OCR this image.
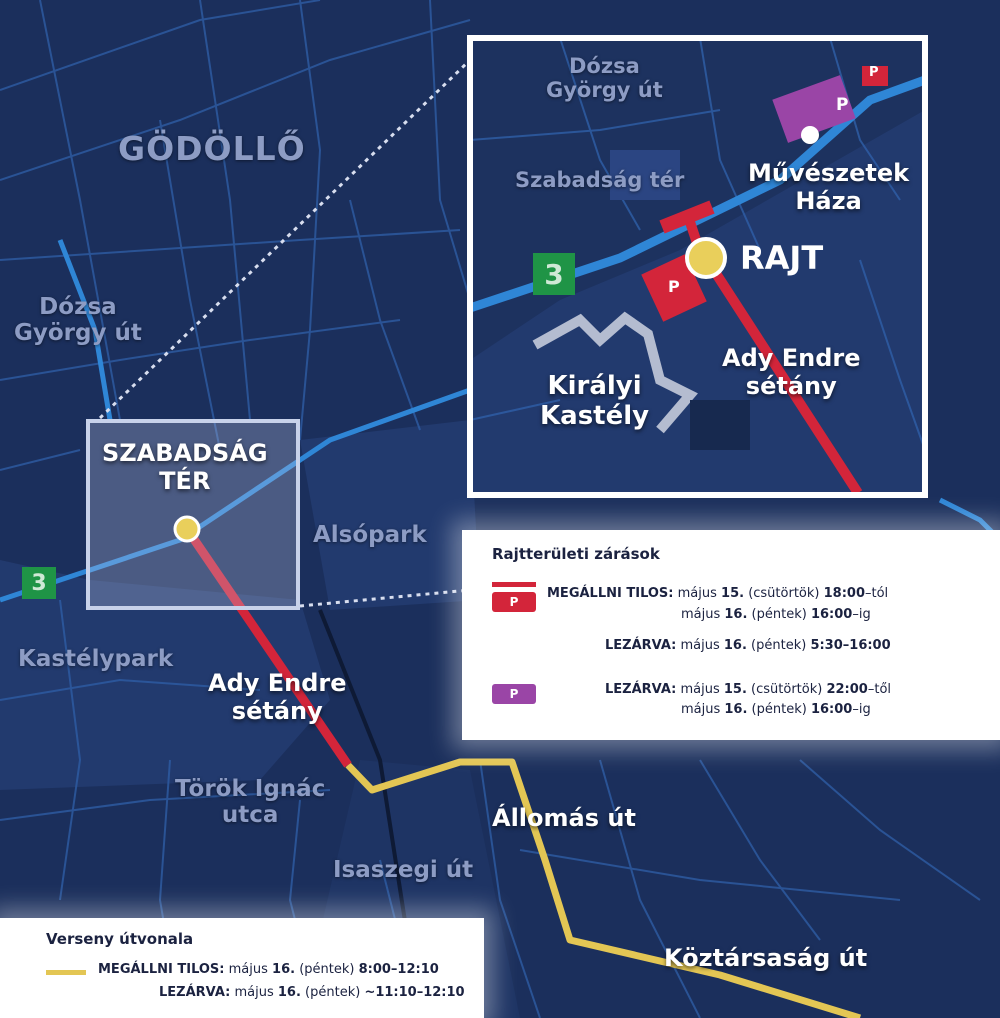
GÖDÖLLŐ
Dózsa
György út
SZABADSÁG
TÉR
Alsópark
Kastélypark
Ady Endre
sétány
Török Ignác
utca	Állomás út
Isaszegi út
Köztársaság út
3
Dózsa
György út
Szabadság tér	Művészetek
Háza
RAJT
Királyi
Kastély
Ady Endre
sétány
3	P
P
P
Rajtterületi zárások
P
MEGÁLLNI TILOS: május 15. (csütörtök) 18:00–tól
május 16. (péntek) 16:00–ig
LEZÁRVA: május 16. (péntek) 5:30–16:00
P	LEZÁRVA: május 15. (csütörtök) 22:00–től
május 16. (péntek) 16:00–ig
Verseny útvonala
MEGÁLLNI TILOS: május 16. (péntek) 8:00–12:10
LEZÁRVA: május 16. (péntek) ~11:10–12:10
